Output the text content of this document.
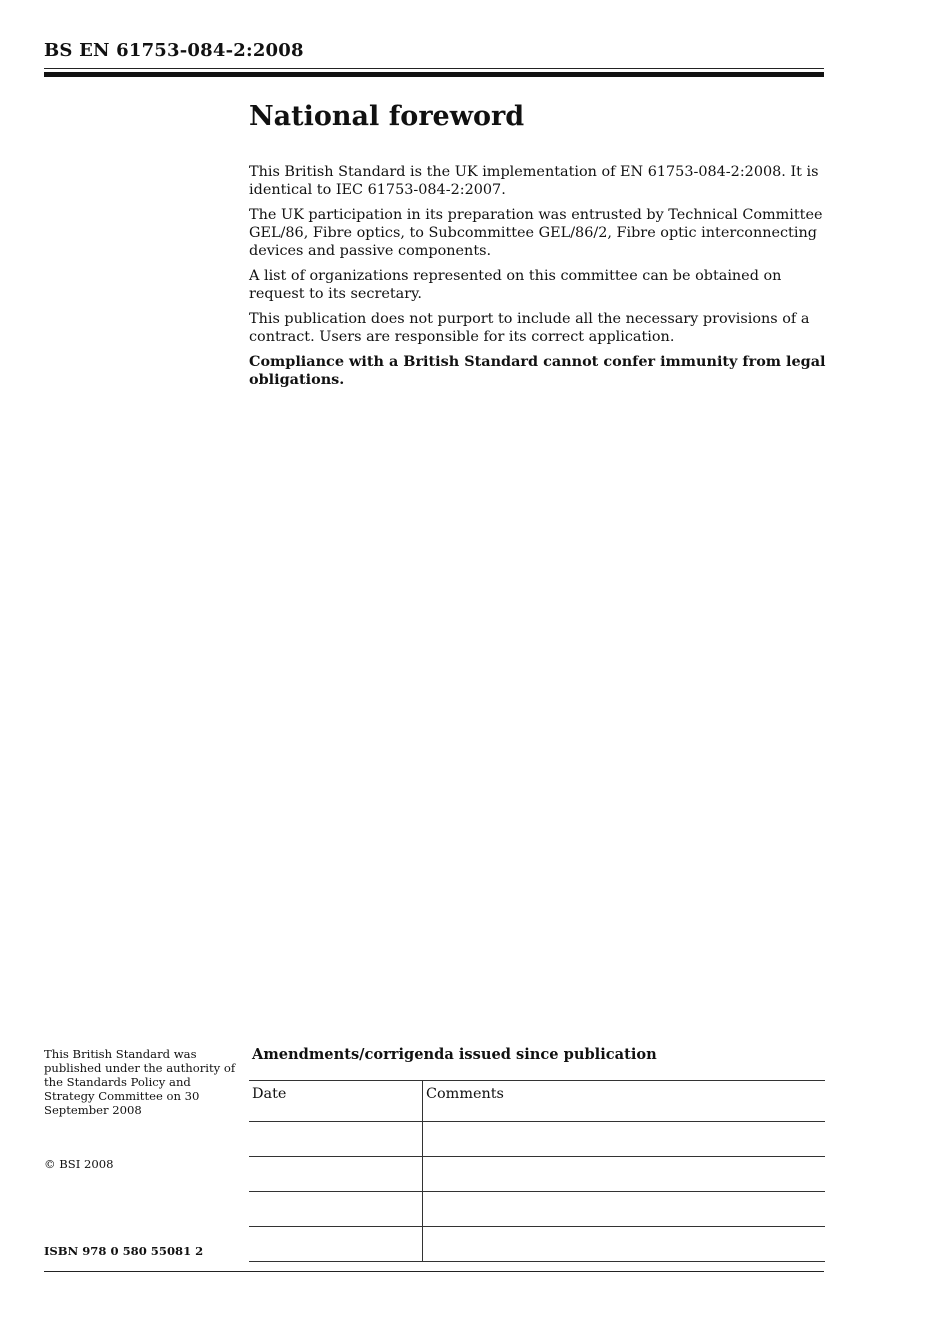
BS EN 61753-084-2:2008
National foreword

This British Standard is the UK implementation of EN 61753-084-2:2008. It is identical to IEC 61753-084-2:2007.

The UK participation in its preparation was entrusted by Technical Committee GEL/86, Fibre optics, to Subcommittee GEL/86/2, Fibre optic interconnecting devices and passive components.

A list of organizations represented on this committee can be obtained on request to its secretary.

This publication does not purport to include all the necessary provisions of a contract. Users are responsible for its correct application.

Compliance with a British Standard cannot confer immunity from legal obligations.

This British Standard was published under the authority of the Standards Policy and Strategy Committee on 30 September 2008
© BSI 2008
ISBN 978 0 580 55081 2
Amendments/corrigenda issued since publication
Date	Comments
